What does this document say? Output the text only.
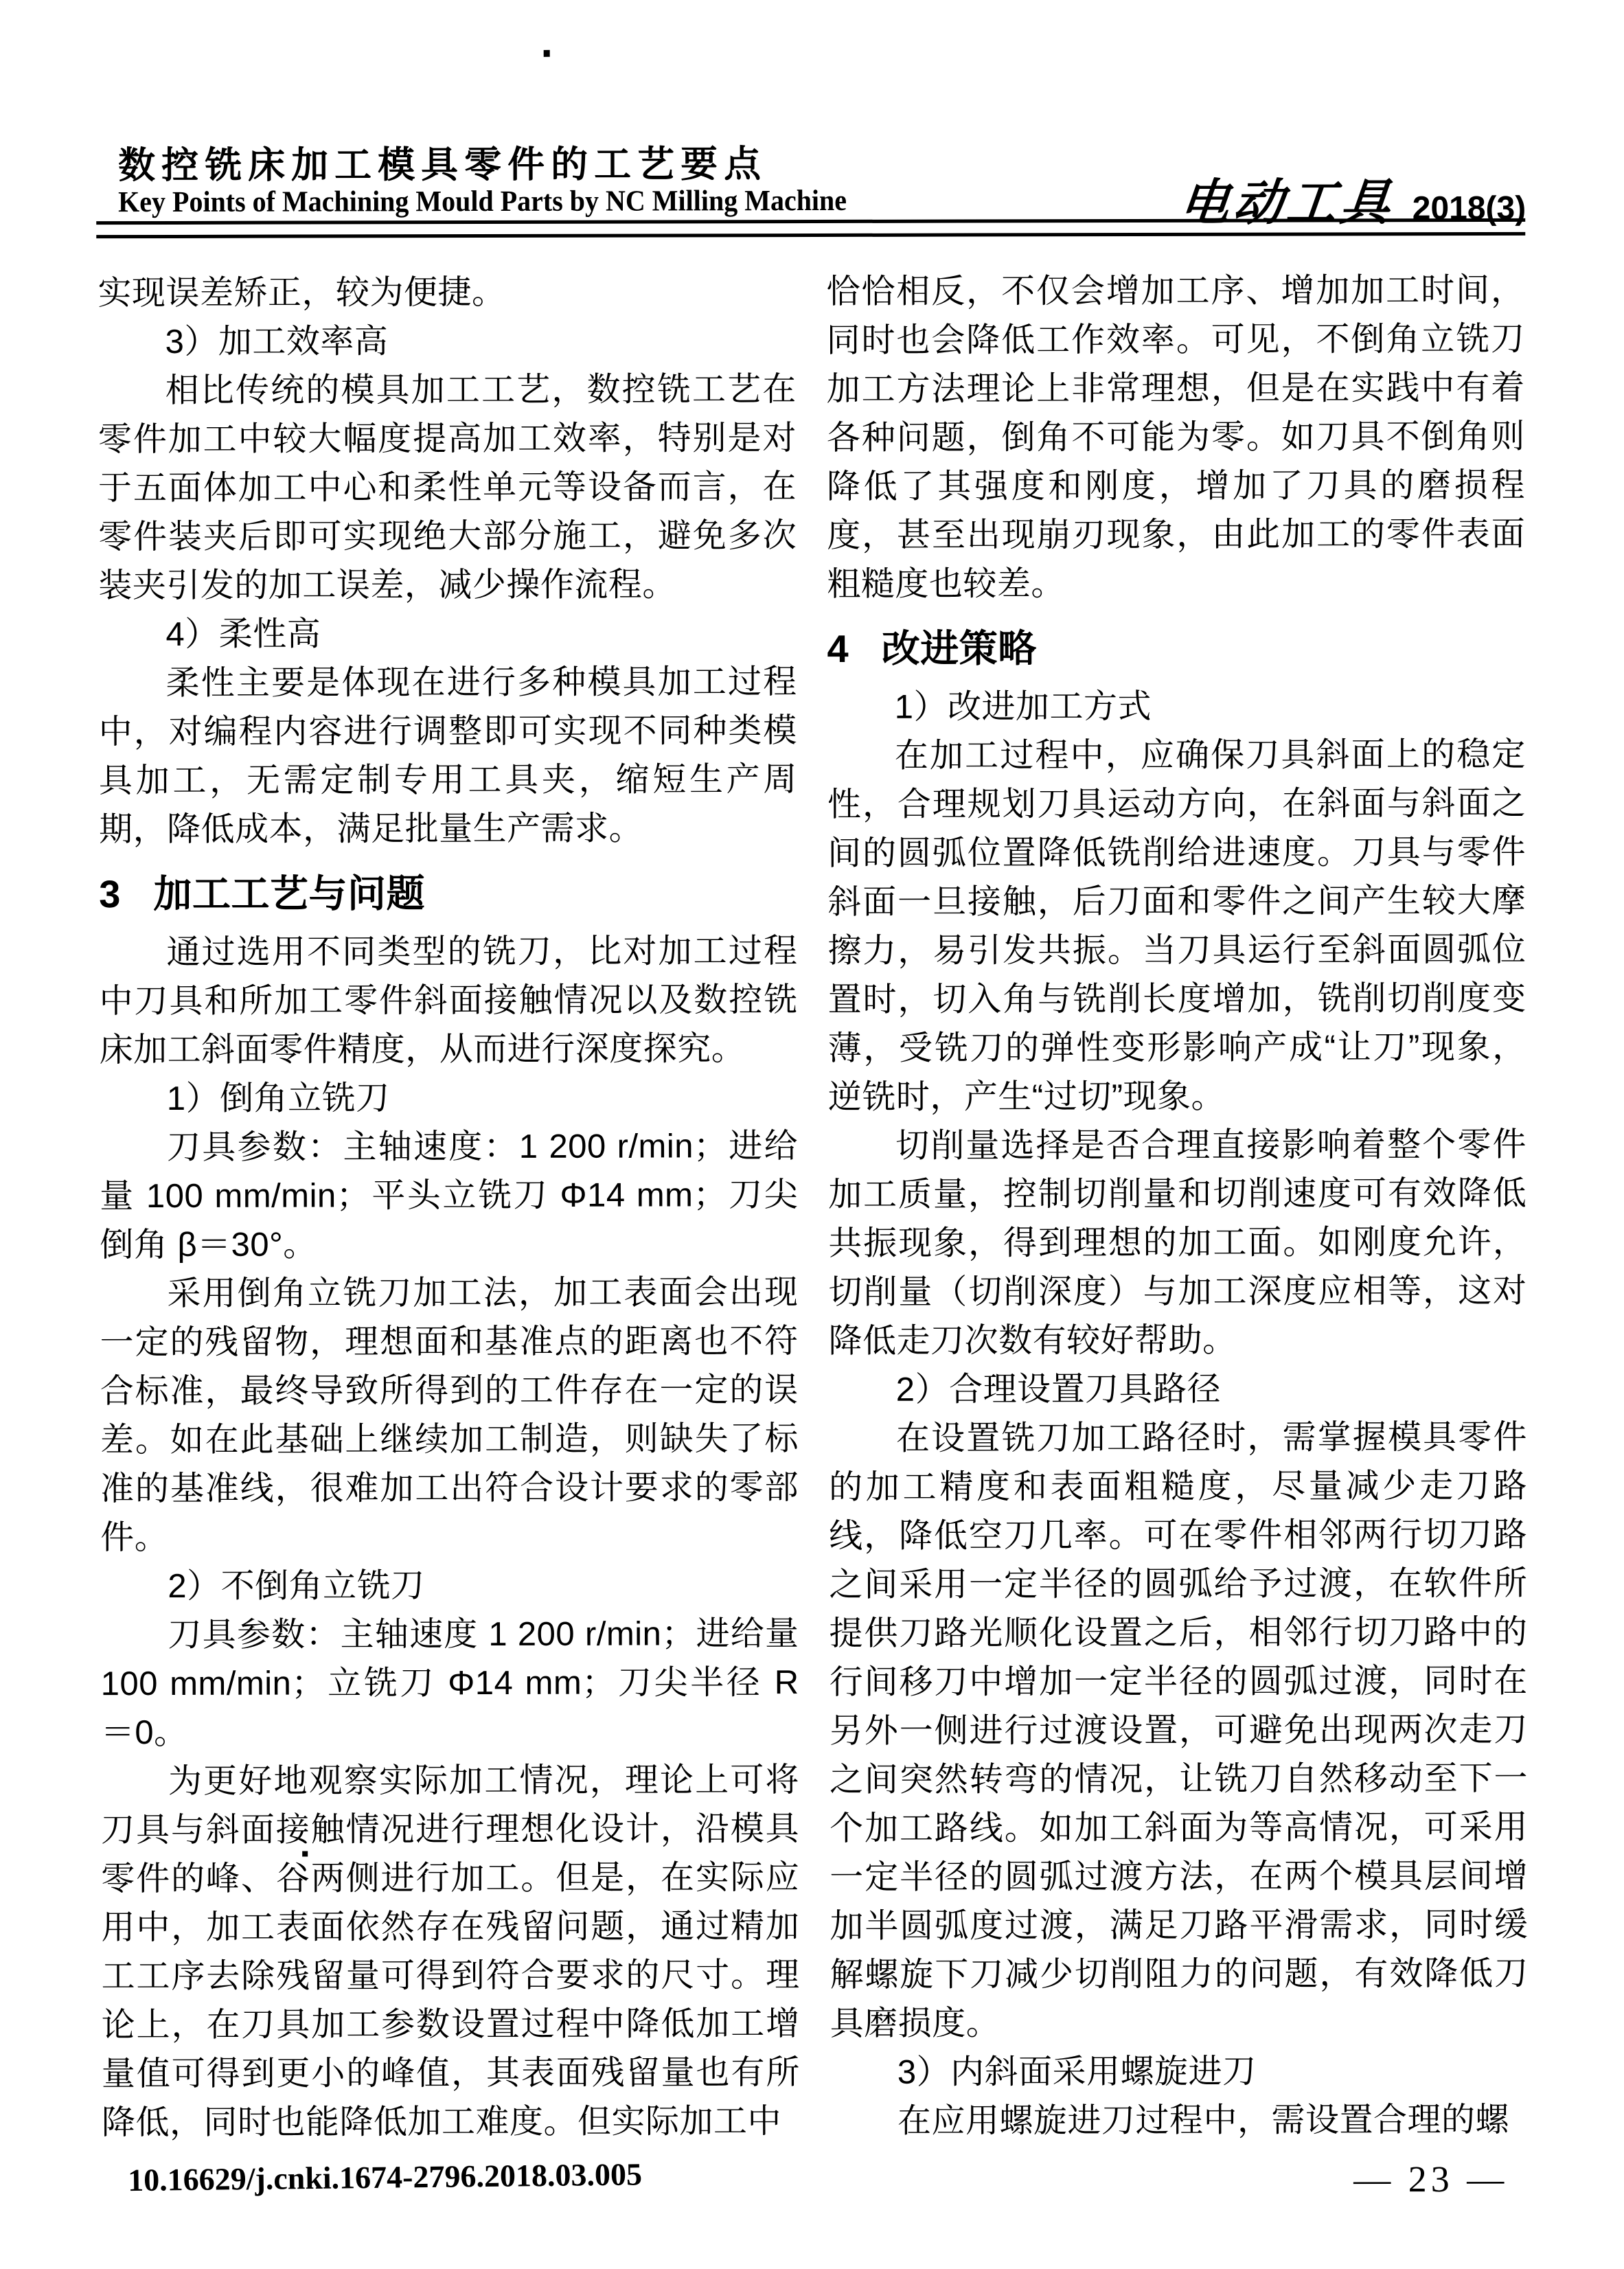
数控铣床加工模具零件的工艺要点
Key Points of Machining Mould Parts by NC Milling Machine	电动工具 2018(3)

实现误差矫正，较为便捷。

3）加工效率高

相比传统的模具加工工艺，数控铣工艺在零件加工中较大幅度提高加工效率，特别是对于五面体加工中心和柔性单元等设备而言，在零件装夹后即可实现绝大部分施工，避免多次装夹引发的加工误差，减少操作流程。

4）柔性高

柔性主要是体现在进行多种模具加工过程中，对编程内容进行调整即可实现不同种类模具加工，无需定制专用工具夹，缩短生产周期，降低成本，满足批量生产需求。

3 加工工艺与问题

通过选用不同类型的铣刀，比对加工过程中刀具和所加工零件斜面接触情况以及数控铣床加工斜面零件精度，从而进行深度探究。

1）倒角立铣刀

刀具参数：主轴速度：1 200 r/min；进给量 100 mm/min；平头立铣刀 Φ14 mm；刀尖倒角 β＝30°。

采用倒角立铣刀加工法，加工表面会出现一定的残留物，理想面和基准点的距离也不符合标准，最终导致所得到的工件存在一定的误差。如在此基础上继续加工制造，则缺失了标准的基准线，很难加工出符合设计要求的零部件。

2）不倒角立铣刀

刀具参数：主轴速度 1 200 r/min；进给量 100 mm/min；立铣刀 Φ14 mm；刀尖半径 R＝0。

为更好地观察实际加工情况，理论上可将刀具与斜面接触情况进行理想化设计，沿模具零件的峰、谷两侧进行加工。但是，在实际应用中，加工表面依然存在残留问题，通过精加工工序去除残留量可得到符合要求的尺寸。理论上，在刀具加工参数设置过程中降低加工增量值可得到更小的峰值，其表面残留量也有所降低，同时也能降低加工难度。但实际加工中

恰恰相反，不仅会增加工序、增加加工时间，同时也会降低工作效率。可见，不倒角立铣刀加工方法理论上非常理想，但是在实践中有着各种问题，倒角不可能为零。如刀具不倒角则降低了其强度和刚度，增加了刀具的磨损程度，甚至出现崩刃现象，由此加工的零件表面粗糙度也较差。

4 改进策略

1）改进加工方式

在加工过程中，应确保刀具斜面上的稳定性，合理规划刀具运动方向，在斜面与斜面之间的圆弧位置降低铣削给进速度。刀具与零件斜面一旦接触，后刀面和零件之间产生较大摩擦力，易引发共振。当刀具运行至斜面圆弧位置时，切入角与铣削长度增加，铣削切削度变薄，受铣刀的弹性变形影响产成“让刀”现象，逆铣时，产生“过切”现象。

切削量选择是否合理直接影响着整个零件加工质量，控制切削量和切削速度可有效降低共振现象，得到理想的加工面。如刚度允许，切削量（切削深度）与加工深度应相等，这对降低走刀次数有较好帮助。

2）合理设置刀具路径

在设置铣刀加工路径时，需掌握模具零件的加工精度和表面粗糙度，尽量减少走刀路线，降低空刀几率。可在零件相邻两行切刀路之间采用一定半径的圆弧给予过渡，在软件所提供刀路光顺化设置之后，相邻行切刀路中的行间移刀中增加一定半径的圆弧过渡，同时在另外一侧进行过渡设置，可避免出现两次走刀之间突然转弯的情况，让铣刀自然移动至下一个加工路线。如加工斜面为等高情况，可采用一定半径的圆弧过渡方法，在两个模具层间增加半圆弧度过渡，满足刀路平滑需求，同时缓解螺旋下刀减少切削阻力的问题，有效降低刀具磨损度。

3）内斜面采用螺旋进刀

在应用螺旋进刀过程中，需设置合理的螺

10.16629/j.cnki.1674-2796.2018.03.005	— 23 —
